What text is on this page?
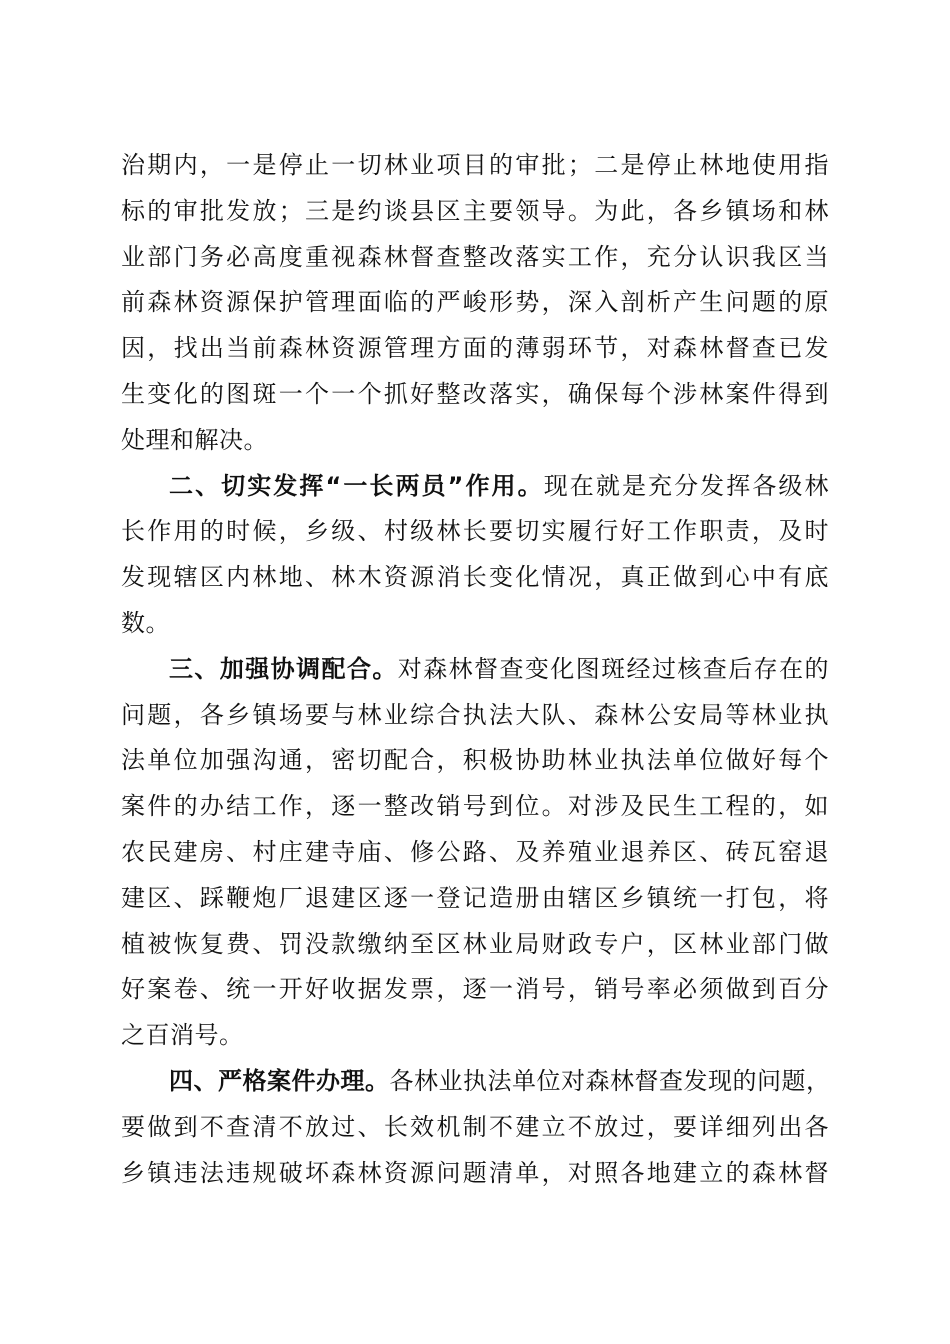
治期内，一是停止一切林业项目的审批；二是停止林地使用指
标的审批发放；三是约谈县区主要领导。为此，各乡镇场和林
业部门务必高度重视森林督查整改落实工作，充分认识我区当
前森林资源保护管理面临的严峻形势，深入剖析产生问题的原
因，找出当前森林资源管理方面的薄弱环节，对森林督查已发
生变化的图斑一个一个抓好整改落实，确保每个涉林案件得到
处理和解决。
二、切实发挥“一长两员”作用。现在就是充分发挥各级林
长作用的时候，乡级、村级林长要切实履行好工作职责，及时
发现辖区内林地、林木资源消长变化情况，真正做到心中有底
数。
三、加强协调配合。对森林督查变化图斑经过核查后存在的
问题，各乡镇场要与林业综合执法大队、森林公安局等林业执
法单位加强沟通，密切配合，积极协助林业执法单位做好每个
案件的办结工作，逐一整改销号到位。对涉及民生工程的，如
农民建房、村庄建寺庙、修公路、及养殖业退养区、砖瓦窑退
建区、踩鞭炮厂退建区逐一登记造册由辖区乡镇统一打包，将
植被恢复费、罚没款缴纳至区林业局财政专户，区林业部门做
好案卷、统一开好收据发票，逐一消号，销号率必须做到百分
之百消号。
四、严格案件办理。各林业执法单位对森林督查发现的问题，
要做到不查清不放过、长效机制不建立不放过，要详细列出各
乡镇违法违规破坏森林资源问题清单，对照各地建立的森林督
